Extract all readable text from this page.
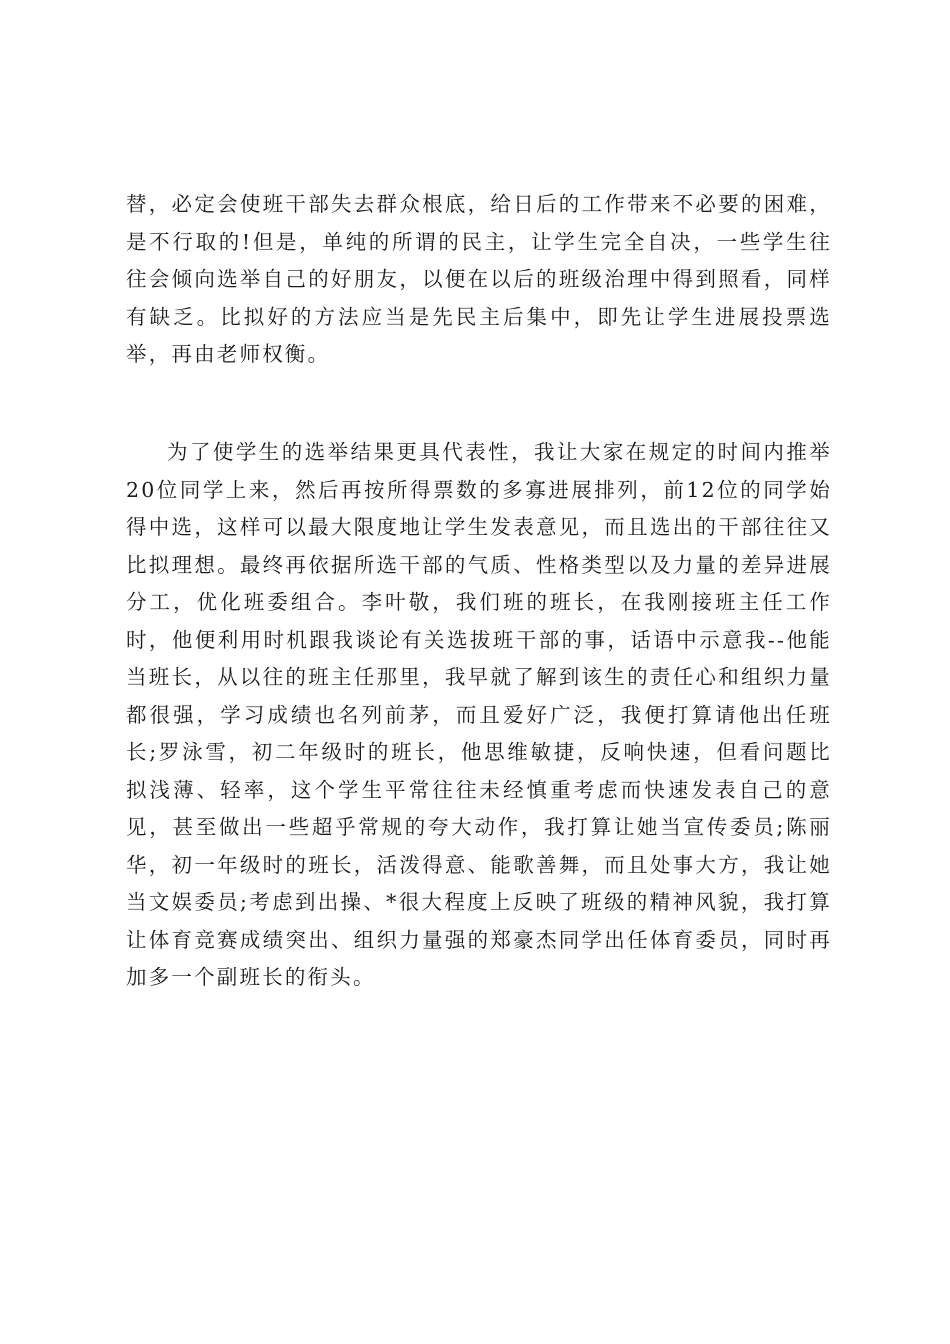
替，必定会使班干部失去群众根底，给日后的工作带来不必要的困难，是不行取的!但是，单纯的所谓的民主，让学生完全自决，一些学生往往会倾向选举自己的好朋友，以便在以后的班级治理中得到照看，同样有缺乏。比拟好的方法应当是先民主后集中，即先让学生进展投票选举，再由老师权衡。

为了使学生的选举结果更具代表性，我让大家在规定的时间内推举20位同学上来，然后再按所得票数的多寡进展排列，前12位的同学始得中选，这样可以最大限度地让学生发表意见，而且选出的干部往往又比拟理想。最终再依据所选干部的气质、性格类型以及力量的差异进展分工，优化班委组合。李叶敬，我们班的班长，在我刚接班主任工作时，他便利用时机跟我谈论有关选拔班干部的事，话语中示意我--他能当班长，从以往的班主任那里，我早就了解到该生的责任心和组织力量都很强，学习成绩也名列前茅，而且爱好广泛，我便打算请他出任班长;罗泳雪，初二年级时的班长，他思维敏捷，反响快速，但看问题比拟浅薄、轻率，这个学生平常往往未经慎重考虑而快速发表自己的意见，甚至做出一些超乎常规的夸大动作，我打算让她当宣传委员;陈丽华，初一年级时的班长，活泼得意、能歌善舞，而且处事大方，我让她当文娱委员;考虑到出操、*很大程度上反映了班级的精神风貌，我打算让体育竞赛成绩突出、组织力量强的郑豪杰同学出任体育委员，同时再加多一个副班长的衔头。
